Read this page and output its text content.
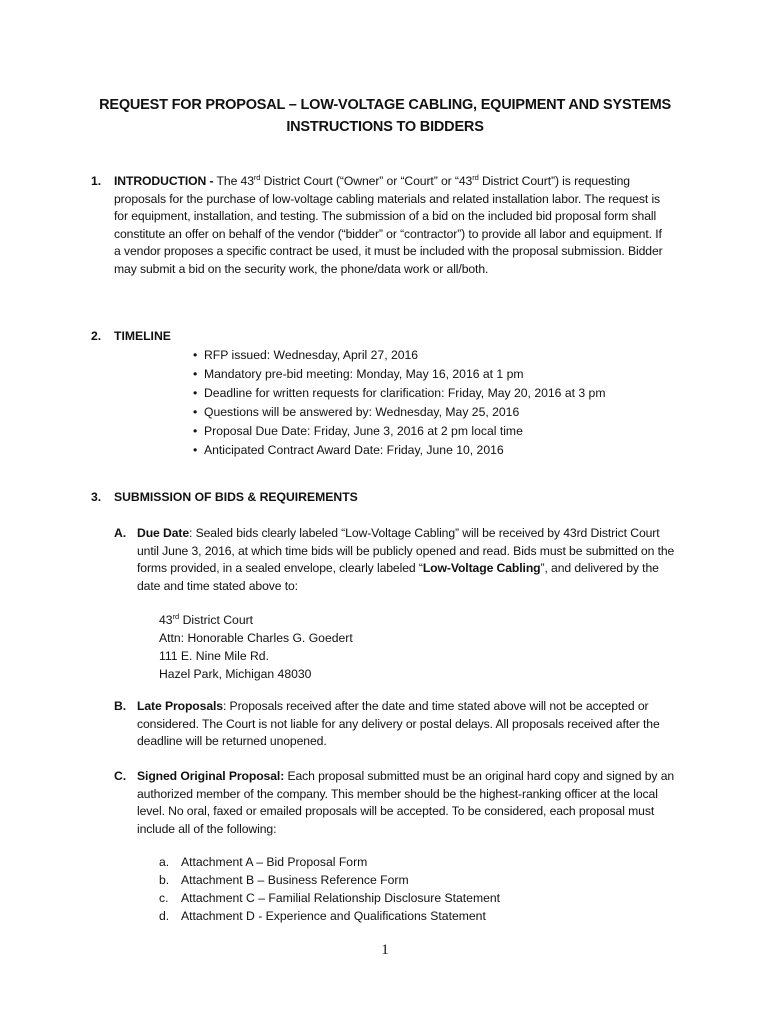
REQUEST FOR PROPOSAL – LOW-VOLTAGE CABLING, EQUIPMENT AND SYSTEMS
INSTRUCTIONS TO BIDDERS
1. INTRODUCTION - The 43rd District Court (“Owner” or “Court” or “43rd District Court”) is requesting proposals for the purchase of low-voltage cabling materials and related installation labor. The request is for equipment, installation, and testing. The submission of a bid on the included bid proposal form shall constitute an offer on behalf of the vendor (“bidder” or “contractor”) to provide all labor and equipment. If a vendor proposes a specific contract be used, it must be included with the proposal submission. Bidder may submit a bid on the security work, the phone/data work or all/both.
2. TIMELINE
• RFP issued: Wednesday, April 27, 2016
• Mandatory pre-bid meeting: Monday, May 16, 2016 at 1 pm
• Deadline for written requests for clarification: Friday, May 20, 2016 at 3 pm
• Questions will be answered by: Wednesday, May 25, 2016
• Proposal Due Date: Friday, June 3, 2016 at 2 pm local time
• Anticipated Contract Award Date: Friday, June 10, 2016
3. SUBMISSION OF BIDS & REQUIREMENTS
A. Due Date: Sealed bids clearly labeled “Low-Voltage Cabling” will be received by 43rd District Court until June 3, 2016, at which time bids will be publicly opened and read. Bids must be submitted on the forms provided, in a sealed envelope, clearly labeled “Low-Voltage Cabling”, and delivered by the date and time stated above to:
43rd District Court
Attn: Honorable Charles G. Goedert
111 E. Nine Mile Rd.
Hazel Park, Michigan 48030
B. Late Proposals: Proposals received after the date and time stated above will not be accepted or considered. The Court is not liable for any delivery or postal delays. All proposals received after the deadline will be returned unopened.
C. Signed Original Proposal: Each proposal submitted must be an original hard copy and signed by an authorized member of the company. This member should be the highest-ranking officer at the local level. No oral, faxed or emailed proposals will be accepted. To be considered, each proposal must include all of the following:
a. Attachment A – Bid Proposal Form
b. Attachment B – Business Reference Form
c. Attachment C – Familial Relationship Disclosure Statement
d. Attachment D - Experience and Qualifications Statement
1
